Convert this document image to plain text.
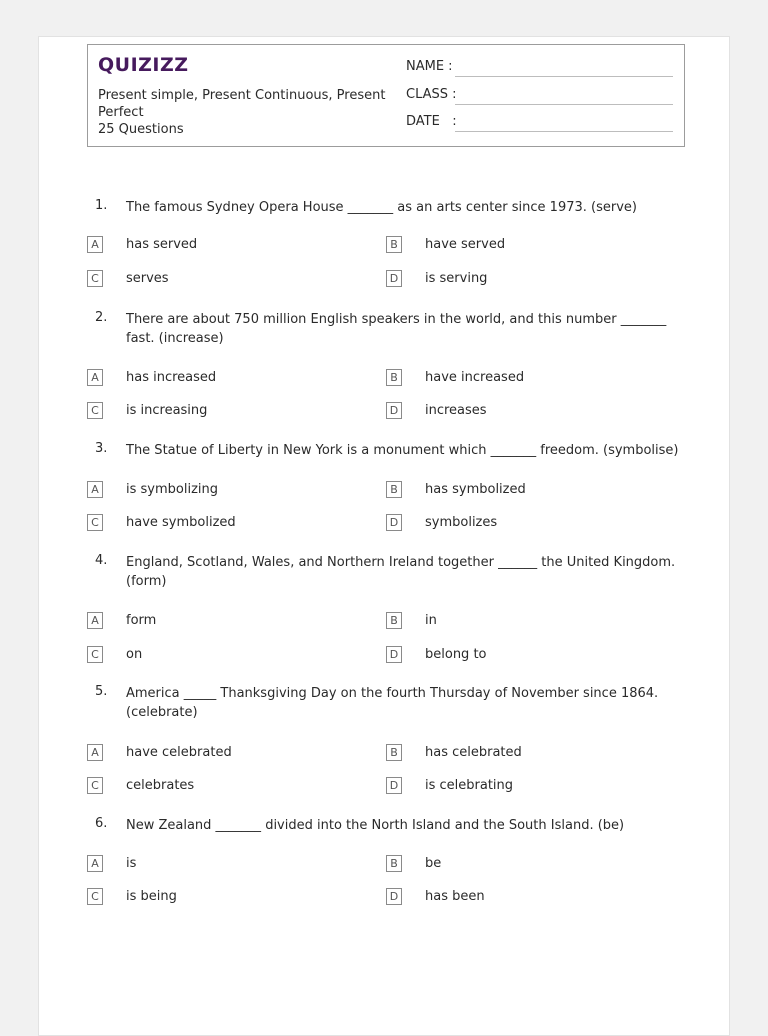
QUIZIZZ
Present simple, Present Continuous, Present Perfect
25 Questions
NAME :
CLASS :
DATE   :
1. The famous Sydney Opera House _______ as an arts center since 1973. (serve)
A	has served	B	have served
C	serves	D is serving
2. There are about 750 million English speakers in the world, and this number _______ fast. (increase)
A	has increased	B	have increased
C	is increasing	D increases
3. The Statue of Liberty in New York is a monument which _______ freedom. (symbolise)
A	is symbolizing	B	has symbolized
C	have symbolized	D symbolizes
4. England, Scotland, Wales, and Northern Ireland together ______ the United Kingdom. (form)
A	form	B	in
C	on	D belong to
5. America _____ Thanksgiving Day on the fourth Thursday of November since 1864. (celebrate)
A	have celebrated	B	has celebrated
C	celebrates	D is celebrating
6. New Zealand _______ divided into the North Island and the South Island. (be)
A	is	B	be
C	is being	D has been
